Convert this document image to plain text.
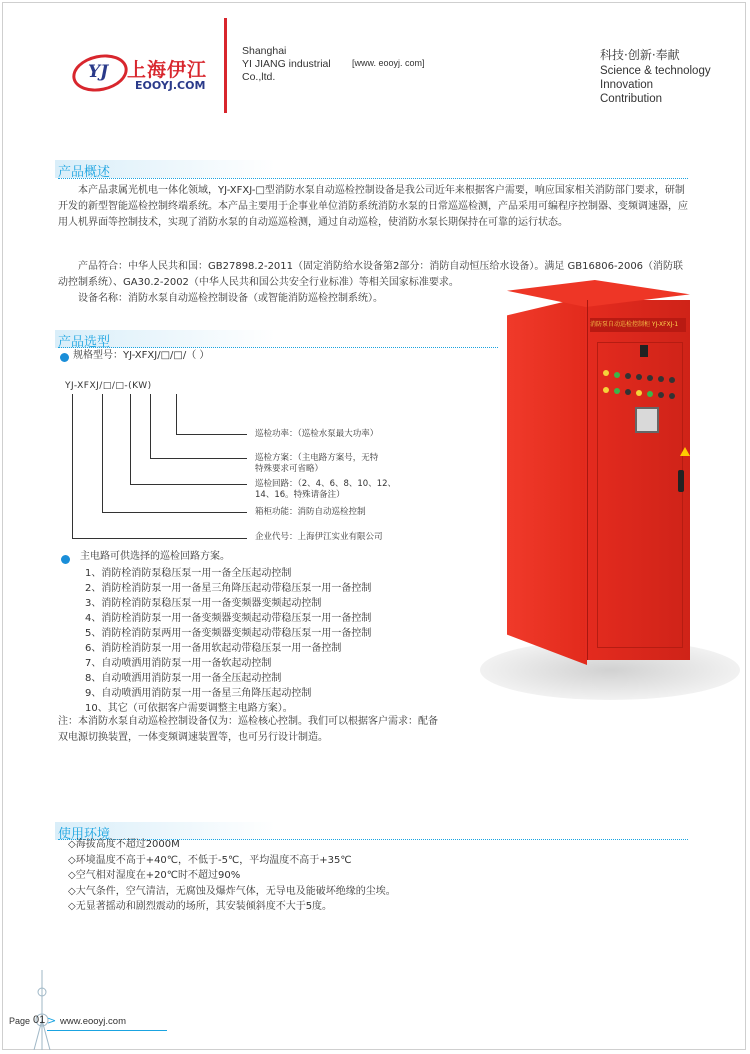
YJ 上海伊江
EOOYJ.COM
Shanghai
YI JIANG industrial
Co.,ltd.
[www. eooyj. com]
科技·创新·奉献
Science & technology
Innovation
Contribution
产品概述
本产品隶属光机电一体化领域，YJ-XFXJ-□型消防水泵自动巡检控制设备是我公司近年来根据客户需要，响应国家相关消防部门要求，研制开发的新型智能巡检控制终端系统。本产品主要用于企事业单位消防系统消防水泵的日常巡巡检测，产品采用可编程序控制器、变频调速器，应用人机界面等控制技术，实现了消防水泵的自动巡巡检测，通过自动巡检，使消防水泵长期保持在可靠的运行状态。
产品符合：中华人民共和国：GB27898.2-2011（固定消防给水设备第2部分：消防自动恒压给水设备）。满足 GB16806-2006（消防联动控制系统）、GA30.2-2002（中华人民共和国公共安全行业标准）等相关国家标准要求。
设备名称：消防水泵自动巡检控制设备（或智能消防巡检控制系统）。
产品选型
规格型号：YJ-XFXJ/□/□/（ ）
YJ-XFXJ/□/□-(KW)
巡检功率：（巡检水泵最大功率）
巡检方案：（主电路方案号，无特
特殊要求可省略）
巡检回路：（2、4、6、8、10、12、
14、16。特殊请备注）
箱柜功能：消防自动巡检控制
企业代号：上海伊江实业有限公司
主电路可供选择的巡检回路方案。
1、消防栓消防泵稳压泵一用一备全压起动控制
2、消防栓消防泵一用一备星三角降压起动带稳压泵一用一备控制
3、消防栓消防泵稳压泵一用一备变频器变频起动控制
4、消防栓消防泵一用一备变频器变频起动带稳压泵一用一备控制
5、消防栓消防泵两用一备变频器变频起动带稳压泵一用一备控制
6、消防栓消防泵一用一备用软起动带稳压泵一用一备控制
7、自动喷洒用消防泵一用一备软起动控制
8、自动喷洒用消防泵一用一备全压起动控制
9、自动喷洒用消防泵一用一备星三角降压起动控制
10、其它（可依据客户需要调整主电路方案）。
注：本消防水泵自动巡检控制设备仅为：巡检核心控制。我们可以根据客户需求：配备
双电源切换装置，一体变频调速装置等，也可另行设计制造。
消防泵自动巡检控制柜 YJ-XFXJ-1
使用环境
◇海拔高度不超过2000M
◇环境温度不高于+40℃，不低于-5℃，平均温度不高于+35℃
◇空气相对湿度在+20℃时不超过90%
◇大气条件，空气清洁，无腐蚀及爆炸气体，无导电及能破坏绝缘的尘埃。
◇无显著摇动和剧烈震动的场所，其安装倾斜度不大于5度。
Page 01 > www.eooyj.com
